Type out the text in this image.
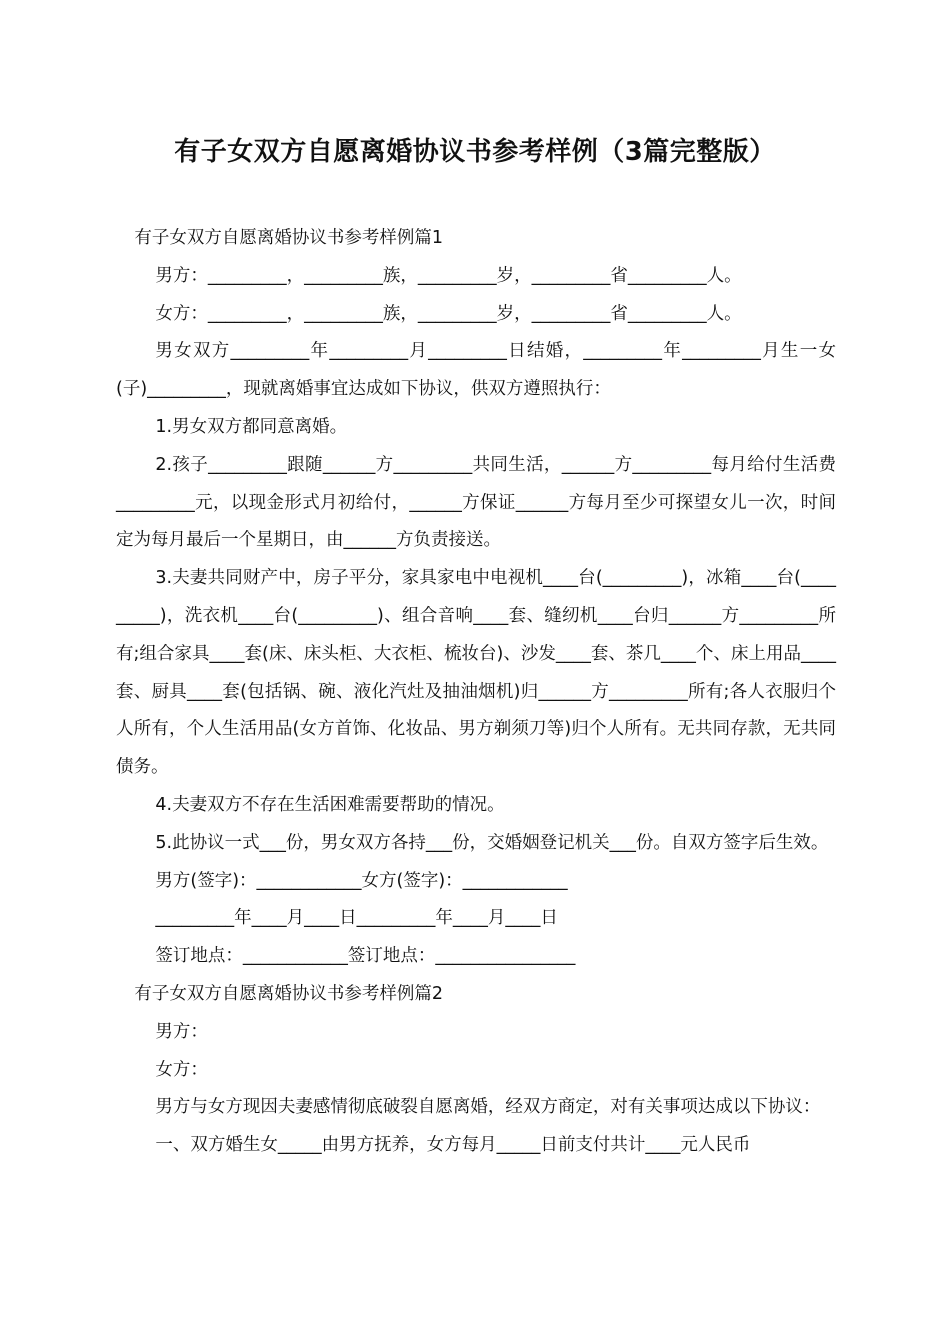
有子女双方自愿离婚协议书参考样例（3篇完整版）

有子女双方自愿离婚协议书参考样例篇1

男方：_________，_________族，_________岁，_________省_________人。

女方：_________，_________族，_________岁，_________省_________人。

男女双方_________年_________月_________日结婚，_________年_________月生一女(子)_________，现就离婚事宜达成如下协议，供双方遵照执行：

1.男女双方都同意离婚。

2.孩子_________跟随______方_________共同生活，______方_________每月给付生活费_________元，以现金形式月初给付，______方保证______方每月至少可探望女儿一次，时间定为每月最后一个星期日，由______方负责接送。

3.夫妻共同财产中，房子平分，家具家电中电视机____台(_________)，冰箱____台(_________)，洗衣机____台(_________)、组合音响____套、缝纫机____台归______方_________所有;组合家具____套(床、床头柜、大衣柜、梳妆台)、沙发____套、茶几____个、床上用品____套、厨具____套(包括锅、碗、液化汽灶及抽油烟机)归______方_________所有;各人衣服归个人所有，个人生活用品(女方首饰、化妆品、男方剃须刀等)归个人所有。无共同存款，无共同债务。

4.夫妻双方不存在生活困难需要帮助的情况。

5.此协议一式___份，男女双方各持___份，交婚姻登记机关___份。自双方签字后生效。

男方(签字)：____________女方(签字)：____________

_________年____月____日_________年____月____日

签订地点：____________签订地点：________________

有子女双方自愿离婚协议书参考样例篇2

男方：

女方：

男方与女方现因夫妻感情彻底破裂自愿离婚，经双方商定，对有关事项达成以下协议：

一、双方婚生女_____由男方抚养，女方每月_____日前支付共计____元人民币
